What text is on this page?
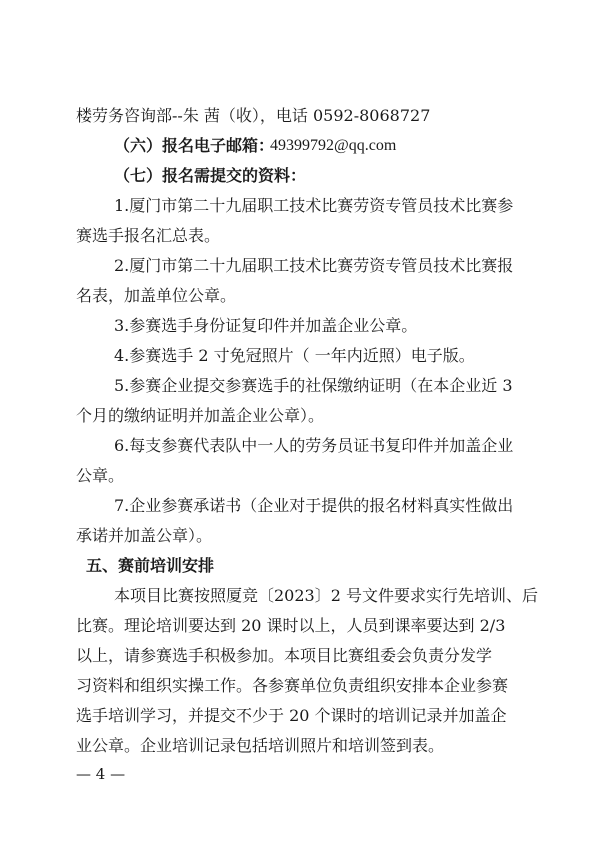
楼劳务咨询部--朱 茜（收），电话 0592-8068727
（六）报名电子邮箱：
49399792@qq.com
（七）报名需提交的资料：
1.厦门市第二十九届职工技术比赛劳资专管员技术比赛参
赛选手报名汇总表。
2.厦门市第二十九届职工技术比赛劳资专管员技术比赛报
名表，加盖单位公章。
3.参赛选手身份证复印件并加盖企业公章。
4.参赛选手 2 寸免冠照片（ 一年内近照）电子版。
5.参赛企业提交参赛选手的社保缴纳证明（在本企业近 3
个月的缴纳证明并加盖企业公章）。
6.每支参赛代表队中一人的劳务员证书复印件并加盖企业
公章。
7.企业参赛承诺书（企业对于提供的报名材料真实性做出
承诺并加盖公章）。
五、赛前培训安排
本项目比赛按照厦竞〔2023〕2 号文件要求实行先培训、后
比赛。理论培训要达到 20 课时以上，人员到课率要达到 2/3
以上，请参赛选手积极参加。本项目比赛组委会负责分发学
习资料和组织实操工作。各参赛单位负责组织安排本企业参赛
选手培训学习，并提交不少于 20 个课时的培训记录并加盖企
业公章。企业培训记录包括培训照片和培训签到表。
— 4 —
